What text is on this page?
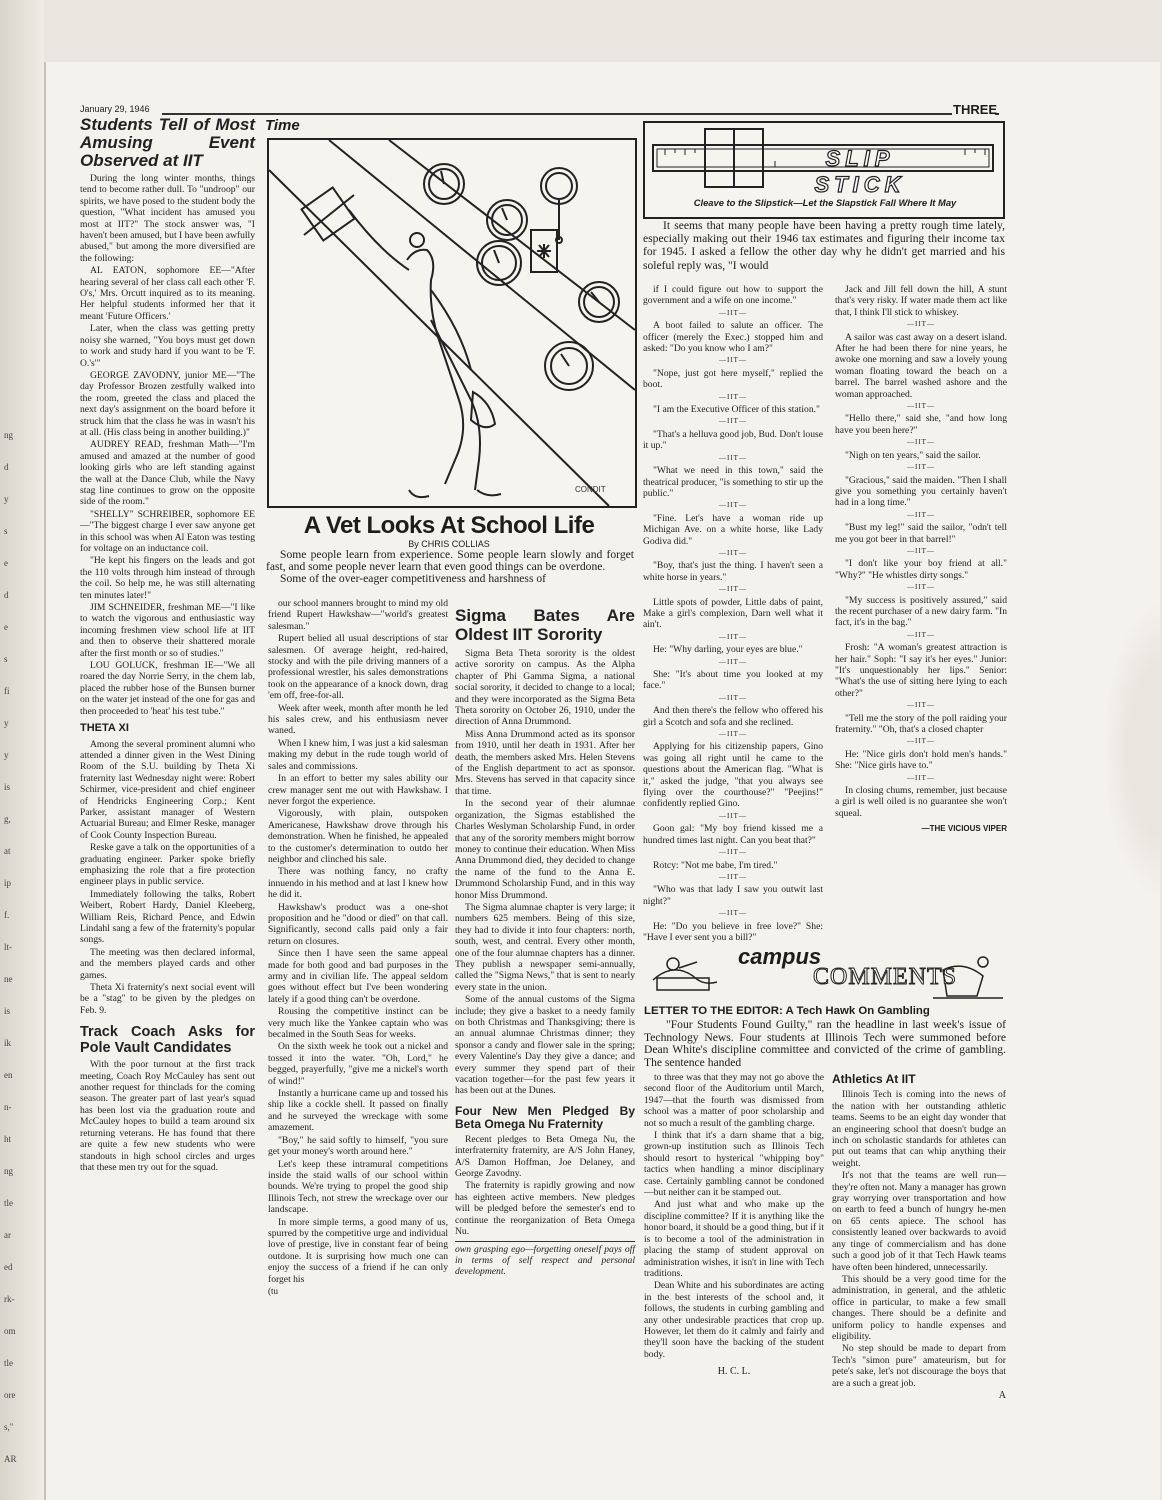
ng
d
y
s
e
d
e
s
fi
y
y
is
g,
at
ip
f.
lt-
ne
is
ik
en
n-
ht
ng
tle
ar
ed
rk-
om
tle
ore
s,"
AR
January 29, 1946	THREE
Students Tell of Most Amusing Event Observed at IIT

During the long winter months, things tend to become rather dull. To "undroop" our spirits, we have posed to the student body the question, "What incident has amused you most at IIT?" The stock answer was, "I haven't been amused, but I have been awfully abused," but among the more diversified are the following:

AL EATON, sophomore EE—"After hearing several of her class call each other 'F. O's,' Mrs. Orcutt inquired as to its meaning. Her helpful students informed her that it meant 'Future Officers.'

Later, when the class was getting pretty noisy she warned, "You boys must get down to work and study hard if you want to be 'F. O.'s'"

GEORGE ZAVODNY, junior ME—"The day Professor Brozen zestfully walked into the room, greeted the class and placed the next day's assignment on the board before it struck him that the class he was in wasn't his at all. (His class being in another building.)"

AUDREY READ, freshman Math—"I'm amused and amazed at the number of good looking girls who are left standing against the wall at the Dance Club, while the Navy stag line continues to grow on the opposite side of the room."

"SHELLY" SCHREIBER, sophomore EE—"The biggest charge I ever saw anyone get in this school was when Al Eaton was testing for voltage on an inductance coil.

"He kept his fingers on the leads and got the 110 volts through him instead of through the coil. So help me, he was still alternating ten minutes later!"

JIM SCHNEIDER, freshman ME—"I like to watch the vigorous and enthusiastic way incoming freshmen view school life at IIT and then to observe their shattered morale after the first month or so of studies."

LOU GOLUCK, freshman IE—"We all roared the day Norrie Serry, in the chem lab, placed the rubber hose of the Bunsen burner on the water jet instead of the one for gas and then proceeded to 'heat' his test tube."

THETA XI

Among the several prominent alumni who attended a dinner given in the West Dining Room of the S.U. building by Theta Xi fraternity last Wednesday night were: Robert Schirmer, vice-president and chief engineer of Hendricks Engineering Corp.; Kent Parker, assistant manager of Western Actuarial Bureau; and Elmer Reske, manager of Cook County Inspection Bureau.

Reske gave a talk on the opportunities of a graduating engineer. Parker spoke briefly emphasizing the role that a fire protection engineer plays in public service.

Immediately following the talks, Robert Weibert, Robert Hardy, Daniel Kleeberg, William Reis, Richard Pence, and Edwin Lindahl sang a few of the fraternity's popular songs.

The meeting was then declared informal, and the members played cards and other games.

Theta Xi fraternity's next social event will be a "stag" to be given by the pledges on Feb. 9.

Track Coach Asks for Pole Vault Candidates

With the poor turnout at the first track meeting, Coach Roy McCauley has sent out another request for thinclads for the coming season. The greater part of last year's squad has been lost via the graduation route and McCauley hopes to build a team around six returning veterans. He has found that there are quite a few new students who were standouts in high school circles and urges that these men try out for the squad.

Time
CONDIT
A Vet Looks At School Life
By CHRIS COLLIAS
Some people learn from experience. Some people learn slowly and forget fast, and some people never learn that even good things can be overdone.
Some of the over-eager competitiveness and harshness of

our school manners brought to mind my old friend Rupert Hawkshaw—"world's greatest salesman."

Rupert belied all usual descriptions of star salesmen. Of average height, red-haired, stocky and with the pile driving manners of a professional wrestler, his sales demonstrations took on the appearance of a knock down, drag 'em off, free-for-all.

Week after week, month after month he led his sales crew, and his enthusiasm never waned.

When I knew him, I was just a kid salesman making my debut in the rude tough world of sales and commissions.

In an effort to better my sales ability our crew manager sent me out with Hawkshaw. I never forgot the experience.

Vigorously, with plain, outspoken Americanese, Hawkshaw drove through his demonstration. When he finished, he appealed to the customer's determination to outdo her neighbor and clinched his sale.

There was nothing fancy, no crafty innuendo in his method and at last I knew how he did it.

Hawkshaw's product was a one-shot proposition and he "dood or died" on that call. Significantly, second calls paid only a fair return on closures.

Since then I have seen the same appeal made for both good and bad purposes in the army and in civilian life. The appeal seldom goes without effect but I've been wondering lately if a good thing can't be overdone.

Rousing the competitive instinct can be very much like the Yankee captain who was becalmed in the South Seas for weeks.

On the sixth week he took out a nickel and tossed it into the water. "Oh, Lord," he begged, prayerfully, "give me a nickel's worth of wind!"

Instantly a hurricane came up and tossed his ship like a cockle shell. It passed on finally and he surveyed the wreckage with some amazement.

"Boy," he said softly to himself, "you sure get your money's worth around here."

Let's keep these intramural competitions inside the staid walls of our school within bounds. We're trying to propel the good ship Illinois Tech, not strew the wreckage over our landscape.

In more simple terms, a good many of us, spurred by the competitive urge and individual love of prestige, live in constant fear of being outdone. It is surprising how much one can enjoy the success of a friend if he can only forget his

(tu
Sigma Bates Are Oldest IIT Sorority

Sigma Beta Theta sorority is the oldest active sorority on campus. As the Alpha chapter of Phi Gamma Sigma, a national social sorority, it decided to change to a local; and they were incorporated as the Sigma Beta Theta sorority on October 26, 1910, under the direction of Anna Drummond.

Miss Anna Drummond acted as its sponsor from 1910, until her death in 1931. After her death, the members asked Mrs. Helen Stevens of the English department to act as sponsor. Mrs. Stevens has served in that capacity since that time.

In the second year of their alumnae organization, the Sigmas established the Charles Weslyman Scholarship Fund, in order that any of the sorority members might borrow money to continue their education. When Miss Anna Drummond died, they decided to change the name of the fund to the Anna E. Drummond Scholarship Fund, and in this way honor Miss Drummond.

The Sigma alumnae chapter is very large; it numbers 625 members. Being of this size, they had to divide it into four chapters: north, south, west, and central. Every other month, one of the four alumnae chapters has a dinner. They publish a newspaper semi-annually, called the "Sigma News," that is sent to nearly every state in the union.

Some of the annual customs of the Sigma include; they give a basket to a needy family on both Christmas and Thanksgiving; there is an annual alumnae Christmas dinner; they sponsor a candy and flower sale in the spring; every Valentine's Day they give a dance; and every summer they spend part of their vacation together—for the past few years it has been out at the Dunes.

Four New Men Pledged By Beta Omega Nu Fraternity

Recent pledges to Beta Omega Nu, the interfraternity fraternity, are A/S John Haney, A/S Damon Hoffman, Joe Delaney, and George Zavodny.

The fraternity is rapidly growing and now has eighteen active members. New pledges will be pledged before the semester's end to continue the reorganization of Beta Omega Nu.

own grasping ego—forgetting oneself pays off in terms of self respect and personal development.

SLIP STICK
Cleave to the Slipstick—Let the Slapstick Fall Where It May
It seems that many people have been having a pretty rough time lately, especially making out their 1946 tax estimates and figuring their income tax for 1945. I asked a fellow the other day why he didn't get married and his soleful reply was, "I would

if I could figure out how to support the government and a wife on one income."

—IIT—

A boot failed to salute an officer. The officer (merely the Exec.) stopped him and asked: "Do you know who I am?"

—IIT—

"Nope, just got here myself," replied the boot.

—IIT—

"I am the Executive Officer of this station."

—IIT—

"That's a helluva good job, Bud. Don't louse it up."

—IIT—

"What we need in this town," said the theatrical producer, "is something to stir up the public."

—IIT—

"Fine. Let's have a woman ride up Michigan Ave. on a white horse, like Lady Godiva did."

—IIT—

"Boy, that's just the thing. I haven't seen a white horse in years."

—IIT—

Little spots of powder, Little dabs of paint, Make a girl's complexion, Darn well what it ain't.

—IIT—

He: "Why darling, your eyes are blue."

—IIT—

She: "It's about time you looked at my face."

—IIT—

And then there's the fellow who offered his girl a Scotch and sofa and she reclined.

—IIT—

Applying for his citizenship papers, Gino was going all right until he came to the questions about the American flag. "What is it," asked the judge, "that you always see flying over the courthouse?" "Peejins!" confidently replied Gino.

—IIT—

Goon gal: "My boy friend kissed me a hundred times last night. Can you beat that?"

—IIT—

Rotcy: "Not me babe, I'm tired."

—IIT—

"Who was that lady I saw you outwit last night?"

—IIT—

He: "Do you believe in free love?" She: "Have I ever sent you a bill?"

Jack and Jill fell down the hill, A stunt that's very risky. If water made them act like that, I think I'll stick to whiskey.

—IIT—

A sailor was cast away on a desert island. After he had been there for nine years, he awoke one morning and saw a lovely young woman floating toward the beach on a barrel. The barrel washed ashore and the woman approached.

—IIT—

"Hello there," said she, "and how long have you been here?"

—IIT—

"Nigh on ten years," said the sailor.

—IIT—

"Gracious," said the maiden. "Then I shall give you something you certainly haven't had in a long time."

—IIT—

"Bust my leg!" said the sailor, "odn't tell me you got beer in that barrel!"

—IIT—

"I don't like your boy friend at all." "Why?" "He whistles dirty songs."

—IIT—

"My success is positively assured," said the recent purchaser of a new dairy farm. "In fact, it's in the bag."

—IIT—

Frosh: "A woman's greatest attraction is her hair." Soph: "I say it's her eyes." Junior: "It's unquestionably her lips." Senior: "What's the use of sitting here lying to each other?"

—IIT—

"Tell me the story of the poll raiding your fraternity." "Oh, that's a closed chapter

—IIT—

He: "Nice girls don't hold men's hands." She: "Nice girls have to."

—IIT—

In closing chums, remember, just because a girl is well oiled is no guarantee she won't squeal.

—THE VICIOUS VIPER
campus
COMMENTS
LETTER TO THE EDITOR: A Tech Hawk On Gambling
"Four Students Found Guilty," ran the headline in last week's issue of Technology News. Four students at Illinois Tech were summoned before Dean White's discipline committee and convicted of the crime of gambling. The sentence handed

to three was that they may not go above the second floor of the Auditorium until March, 1947—that the fourth was dismissed from school was a matter of poor scholarship and not so much a result of the gambling charge.

I think that it's a darn shame that a big, grown-up institution such as Illinois Tech should resort to hysterical "whipping boy" tactics when handling a minor disciplinary case. Certainly gambling cannot be condoned—but neither can it be stamped out.

And just what and who make up the discipline committee? If it is anything like the honor board, it should be a good thing, but if it is to become a tool of the administration in placing the stamp of student approval on administration wishes, it isn't in line with Tech traditions.

Dean White and his subordinates are acting in the best interests of the school and, it follows, the students in curbing gambling and any other undesirable practices that crop up. However, let them do it calmly and fairly and they'll soon have the backing of the student body.

H. C. L.
Athletics At IIT

Illinois Tech is coming into the news of the nation with her outstanding athletic teams. Seems to be an eight day wonder that an engineering school that doesn't budge an inch on scholastic standards for athletes can put out teams that can whip anything their weight.

It's not that the teams are well run—they're often not. Many a manager has grown gray worrying over transportation and how on earth to feed a bunch of hungry he-men on 65 cents apiece. The school has consistently leaned over backwards to avoid any tinge of commercialism and has done such a good job of it that Tech Hawk teams have often been hindered, unnecessarily.

This should be a very good time for the administration, in general, and the athletic office in particular, to make a few small changes. There should be a definite and uniform policy to handle expenses and eligibility.

No step should be made to depart from Tech's "simon pure" amateurism, but for pete's sake, let's not discourage the boys that are a such a great job.

A
